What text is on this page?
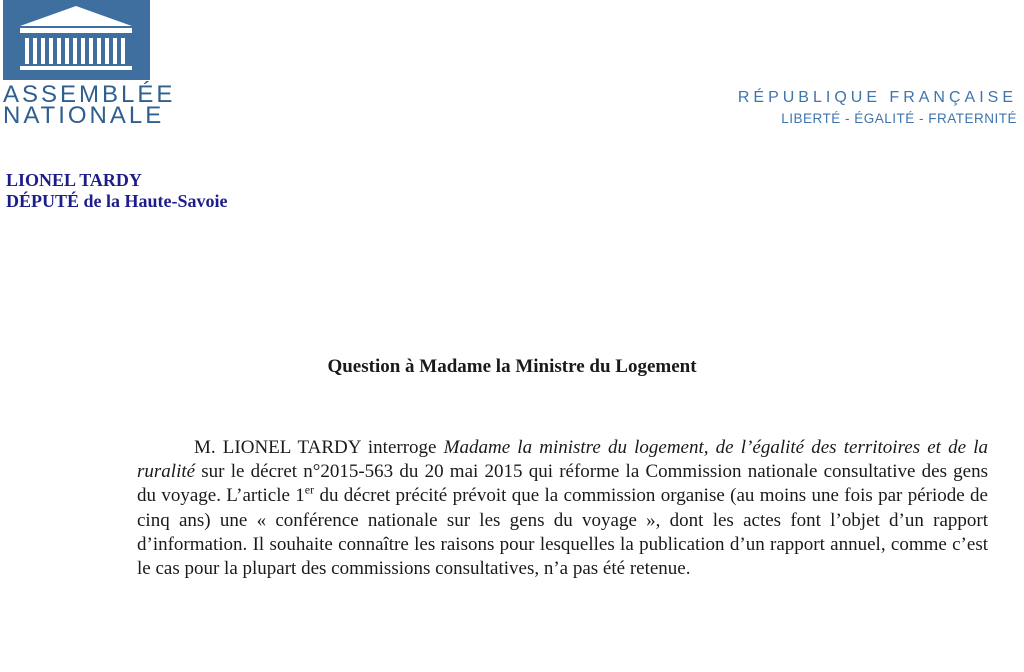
ASSEMBLÉE
NATIONALE
RÉPUBLIQUE FRANÇAISE
LIBERTÉ - ÉGALITÉ - FRATERNITÉ
LIONEL TARDY
DÉPUTÉ de la Haute-Savoie
Question à Madame la Ministre du Logement

M. LIONEL TARDY interroge Madame la ministre du logement, de l’égalité des territoires et de la ruralité sur le décret n°2015-563 du 20 mai 2015 qui réforme la Commission nationale consultative des gens du voyage. L’article 1er du décret précité prévoit que la commission organise (au moins une fois par période de cinq ans) une « conférence nationale sur les gens du voyage », dont les actes font l’objet d’un rapport d’information. Il souhaite connaître les raisons pour lesquelles la publication d’un rapport annuel, comme c’est le cas pour la plupart des commissions consultatives, n’a pas été retenue.
